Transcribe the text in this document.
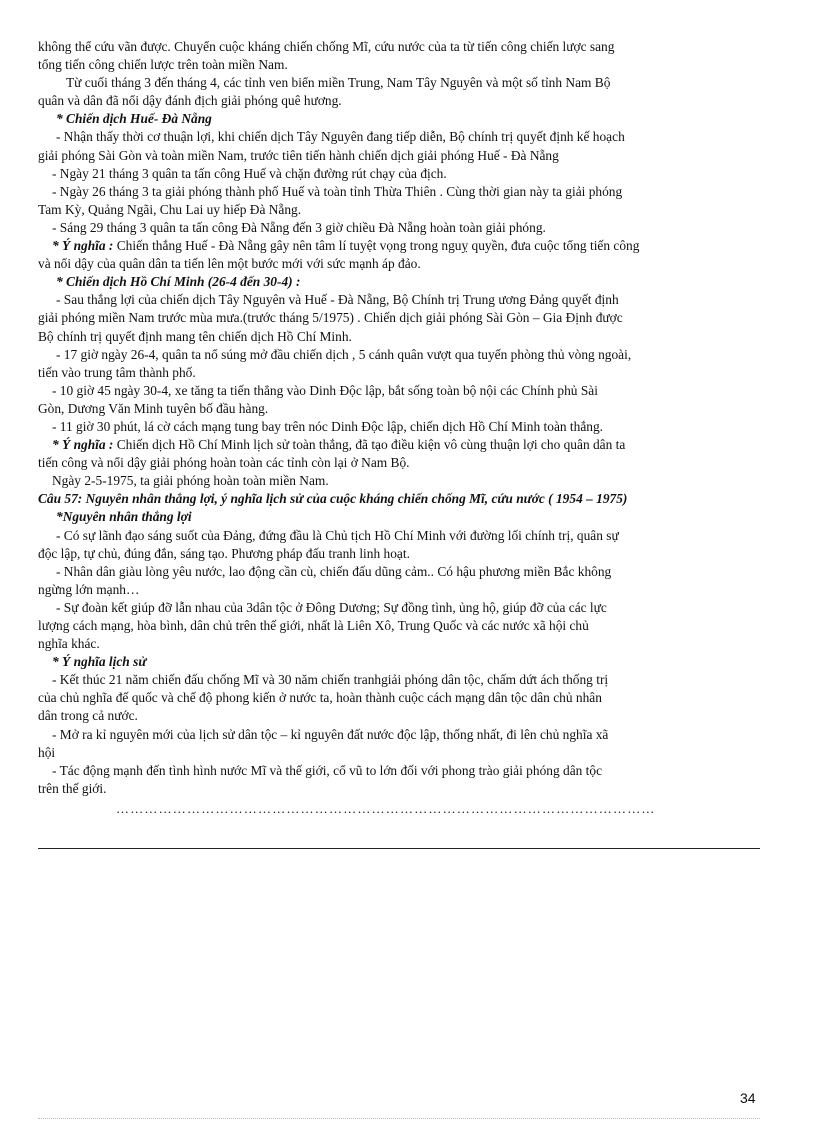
không thể cứu vãn được. Chuyển cuộc kháng chiến chống Mĩ, cứu nước của ta từ tiến công chiến lược sang
tổng tiến công chiến lược trên toàn miền Nam.
Từ cuối tháng 3 đến tháng 4, các tỉnh ven biển miền Trung, Nam Tây Nguyên và một số tỉnh Nam Bộ
quân và dân đã nổi dậy đánh địch giải phóng quê hương.
* Chiến dịch Huế- Đà Nẵng
- Nhận thấy thời cơ thuận lợi, khi chiến dịch Tây Nguyên đang tiếp diễn, Bộ chính trị quyết định kế hoạch
giải phóng Sài Gòn và toàn miền Nam, trước tiên tiến hành chiến dịch giải phóng Huế - Đà Nẵng
- Ngày 21 tháng 3 quân ta tấn công Huế và chặn đường rút chạy của địch.
- Ngày 26 tháng 3 ta giải phóng thành phố Huế và toàn tỉnh Thừa Thiên . Cùng thời gian này ta giải phóng
Tam Kỳ, Quảng Ngãi, Chu Lai uy hiếp Đà Nẵng.
- Sáng 29 tháng 3 quân ta tấn công Đà Nẵng đến 3 giờ chiều Đà Nẵng hoàn toàn giải phóng.
* Ý nghĩa : Chiến thắng Huế - Đà Nẵng gây nên tâm lí tuyệt vọng trong nguỵ quyền, đưa cuộc tổng tiến công
và nổi dậy của quân dân ta tiến lên một bước mới với sức mạnh áp đảo.
* Chiến dịch Hồ Chí Minh (26-4 đến 30-4) :
- Sau thắng lợi của chiến dịch Tây Nguyên và Huế - Đà Nẵng, Bộ Chính trị Trung ương Đảng quyết định
giải phóng miền Nam trước mùa mưa.(trước tháng 5/1975) . Chiến dịch giải phóng Sài Gòn – Gia Định được
Bộ chính trị quyết định mang tên chiến dịch Hồ Chí Minh.
- 17 giờ ngày 26-4, quân ta nổ súng mở đầu chiến dịch , 5 cánh quân vượt qua tuyến phòng thủ vòng ngoài,
tiến vào trung tâm thành phố.
- 10 giờ 45 ngày 30-4, xe tăng ta tiến thẳng vào Dinh Độc lập, bắt sống toàn bộ nội các Chính phủ Sài
Gòn, Dương Văn Minh tuyên bố đầu hàng.
- 11 giờ 30 phút, lá cờ cách mạng tung bay trên nóc Dinh Độc lập, chiến dịch Hồ Chí Minh toàn thắng.
* Ý nghĩa : Chiến dịch Hồ Chí Minh lịch sử toàn thắng, đã tạo điều kiện vô cùng thuận lợi cho quân dân ta
tiến công và nổi dậy giải phóng hoàn toàn các tỉnh còn lại ở Nam Bộ.
Ngày 2-5-1975, ta giải phóng hoàn toàn miền Nam.
Câu 57: Nguyên nhân thắng lợi, ý nghĩa lịch sử của cuộc kháng chiến chống Mĩ, cứu nước ( 1954 – 1975)
*Nguyên nhân thắng lợi
- Có sự lãnh đạo sáng suốt của Đảng, đứng đầu là Chủ tịch Hồ Chí Minh với đường lối chính trị, quân sự
độc lập, tự chủ, đúng đắn, sáng tạo. Phương pháp đấu tranh linh hoạt.
- Nhân dân giàu lòng yêu nước, lao động cần cù, chiến đấu dũng cảm.. Có hậu phương miền Bắc không
ngừng lớn mạnh…
- Sự đoàn kết giúp đỡ lẫn nhau của 3dân tộc ở Đông Dương; Sự đồng tình, ủng hộ, giúp đỡ của các lực
lượng cách mạng, hòa bình, dân chủ trên thế giới, nhất là Liên Xô, Trung Quốc và các nước xã hội chủ
nghĩa khác.
* Ý nghĩa lịch sử
- Kết thúc 21 năm chiến đấu chống Mĩ và 30 năm chiến tranhgiải phóng dân tộc, chấm dứt ách thống trị
của chủ nghĩa đế quốc và chế độ phong kiến ở nước ta, hoàn thành cuộc cách mạng dân tộc dân chủ nhân
dân trong cả nước.
- Mở ra kỉ nguyên mới của lịch sử dân tộc – kỉ nguyên đất nước độc lập, thống nhất, đi lên chủ nghĩa xã
hội
- Tác động mạnh đến tình hình nước Mĩ và thế giới, cổ vũ to lớn đối với phong trào giải phóng dân tộc
trên thế giới.
……………………………………………………………………………………………………
34
